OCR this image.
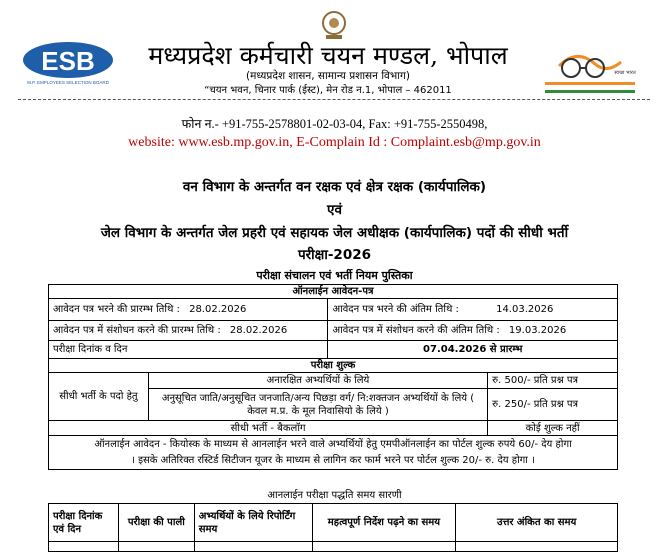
ESB
M.P. EMPLOYEES SELECTION BOARD
मध्यप्रदेश कर्मचारी चयन मण्डल, भोपाल
(मध्यप्रदेश शासन, सामान्य प्रशासन विभाग)
“चयन भवन, चिनार पार्क (ईस्ट), मेन रोड न.1, भोपाल – 462011
स्वच्छ भारत
फोन न.- +91-755-2578801-02-03-04, Fax: +91-755-2550498,
website: www.esb.mp.gov.in, E-Complain Id : Complaint.esb@mp.gov.in
वन विभाग के अन्तर्गत वन रक्षक एवं क्षेत्र रक्षक (कार्यपालिक)
एवं
जेल विभाग के अन्तर्गत जेल प्रहरी एवं सहायक जेल अधीक्षक (कार्यपालिक) पदों की सीधी भर्ती
परीक्षा-2026
परीक्षा संचालन एवं भर्ती नियम पुस्तिका
ऑनलाईन आवेदन-पत्र			
आवेदन पत्र भरने की प्रारम्भ तिथि : 28.02.2026		आवेदन पत्र भरने की अंतिम तिथि : 14.03.2026	
आवेदन पत्र में संशोधन करने की प्रारम्भ तिथि : 28.02.2026		आवेदन पत्र में संशोधन करने की अंतिम तिथि : 19.03.2026	
परीक्षा दिनांक व दिन		07.04.2026 से प्रारम्भ	
परीक्षा शुल्क			
सीधी भर्ती के पदो हेतु	अनारक्षित अभ्यर्थियों के लिये		रु. 500/- प्रति प्रश्न पत्र
	अनुसूचित जाति/अनुसूचित जनजाति/अन्य पिछड़ा वर्ग/ नि:शक्तजन अभ्यर्थियों के लिये ( केवल म.प्र. के मूल निवासियो के लिये )		रु. 250/- प्रति प्रश्न पत्र
सीधी भर्ती - बैकलॉग			कोई शुल्क नहीं

ऑनलाईन आवेदन - कियोस्क के माध्यम से आनलाईन भरने वाले अभ्यर्थियों हेतु एमपीऑनलाईन का पोर्टल शुल्क रुपये 60/- देय होगा
। इसके अतिरिक्त रस्टिर्ड सिटीजन यूजर के माध्यम से लागिन कर फार्म भरने पर पोर्टल शुल्क 20/- रु. देय होगा ।			
आनलाईन परीक्षा पद्धति समय सारणी
परीक्षा दिनांक एवं दिन	परीक्षा की पाली	अभ्यर्थियों के लिये रिपोर्टिंग समय	महत्वपूर्ण निर्देश पढ़ने का समय	उत्तर अंकित का समय
